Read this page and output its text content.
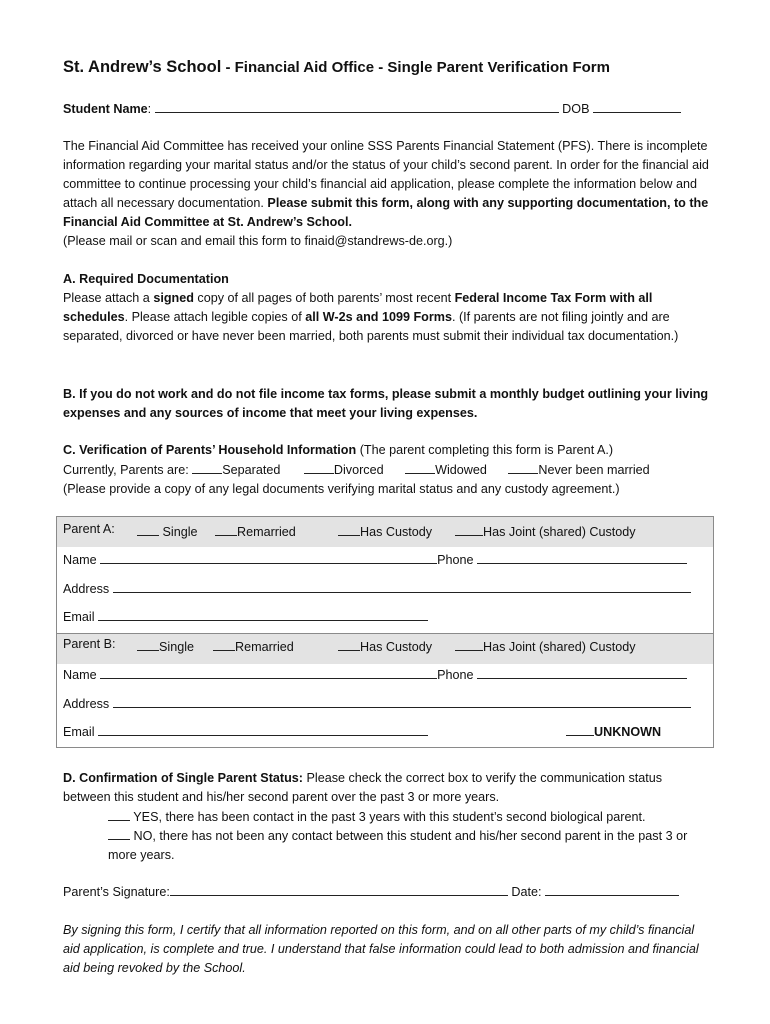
St. Andrew’s School - Financial Aid Office - Single Parent Verification Form
Student Name:	DOB
The Financial Aid Committee has received your online SSS Parents Financial Statement (PFS). There is incomplete information regarding your marital status and/or the status of your child’s second parent. In order for the financial aid committee to continue processing your child’s financial aid application, please complete the information below and attach all necessary documentation. Please submit this form, along with any supporting documentation, to the Financial Aid Committee at St. Andrew’s School.
(Please mail or scan and email this form to finaid@standrews-de.org.)
A. Required Documentation
Please attach a signed copy of all pages of both parents’ most recent Federal Income Tax Form with all schedules. Please attach legible copies of all W-2s and 1099 Forms. (If parents are not filing jointly and are separated, divorced or have never been married, both parents must submit their individual tax documentation.)
B. If you do not work and do not file income tax forms, please submit a monthly budget outlining your living expenses and any sources of income that meet your living expenses.
C. Verification of Parents’ Household Information (The parent completing this form is Parent A.)
Currently, Parents are:	Separated	Divorced	Widowed	Never been married
(Please provide a copy of any legal documents verifying marital status and any custody agreement.)
Parent A:	Single	Remarried	Has Custody	Has Joint (shared) Custody
Name	Phone
Address
Email
Parent B:	Single	Remarried	Has Custody	Has Joint (shared) Custody
Name	Phone
Address
Email	UNKNOWN
D. Confirmation of Single Parent Status: Please check the correct box to verify the communication status between this student and his/her second parent over the past 3 or more years.
YES, there has been contact in the past 3 years with this student’s second biological parent.
NO, there has not been any contact between this student and his/her second parent in the past 3 or more years.
Parent’s Signature:	Date:
By signing this form, I certify that all information reported on this form, and on all other parts of my child’s financial aid application, is complete and true. I understand that false information could lead to both admission and financial aid being revoked by the School.
